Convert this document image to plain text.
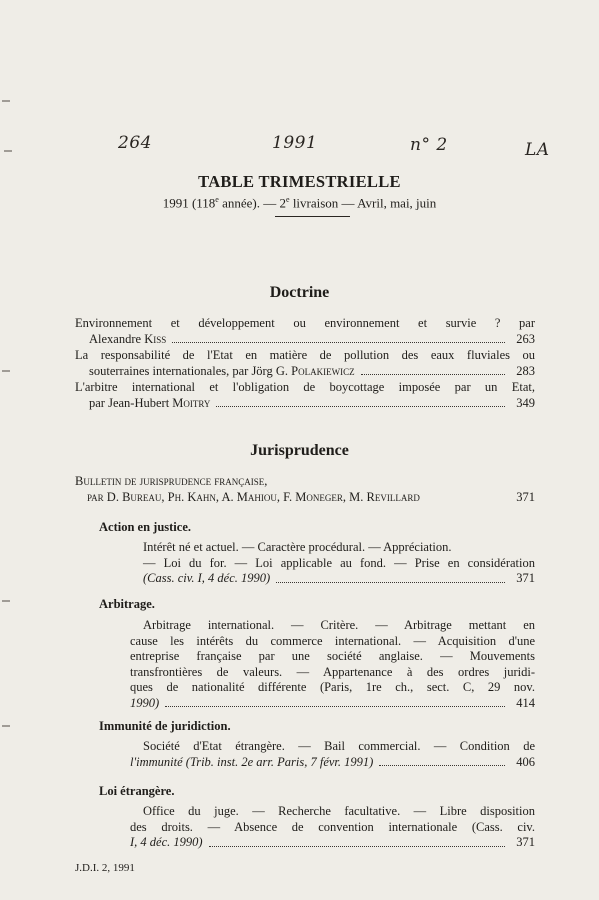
264	1991	n° 2	LA
TABLE TRIMESTRIELLE
1991 (118e année). — 2e livraison — Avril, mai, juin
Doctrine
Environnement et développement ou environnement et survie ? par
Alexandre Kiss	263
La responsabilité de l'Etat en matière de pollution des eaux fluviales ou
souterraines internationales, par Jörg G. Polakiewicz	283
L'arbitre international et l'obligation de boycottage imposée par un Etat,
par Jean-Hubert Moitry	349
Jurisprudence
Bulletin de jurisprudence française,
par D. Bureau, Ph. Kahn, A. Mahiou, F. Moneger, M. Revillard	371
Action en justice.
Intérêt né et actuel. — Caractère procédural. — Appréciation.
— Loi du for. — Loi applicable au fond. — Prise en considération
(Cass. civ. I, 4 déc. 1990)	371
Arbitrage.
Arbitrage international. — Critère. — Arbitrage mettant en
cause les intérêts du commerce international. — Acquisition d'une
entreprise française par une société anglaise. — Mouvements
transfrontières de valeurs. — Appartenance à des ordres juridi-
ques de nationalité différente (Paris, 1re ch., sect. C, 29 nov.
1990)	414
Immunité de juridiction.
Société d'Etat étrangère. — Bail commercial. — Condition de
l'immunité (Trib. inst. 2e arr. Paris, 7 févr. 1991)	406
Loi étrangère.
Office du juge. — Recherche facultative. — Libre disposition
des droits. — Absence de convention internationale (Cass. civ.
I, 4 déc. 1990)	371
J.D.I. 2, 1991
